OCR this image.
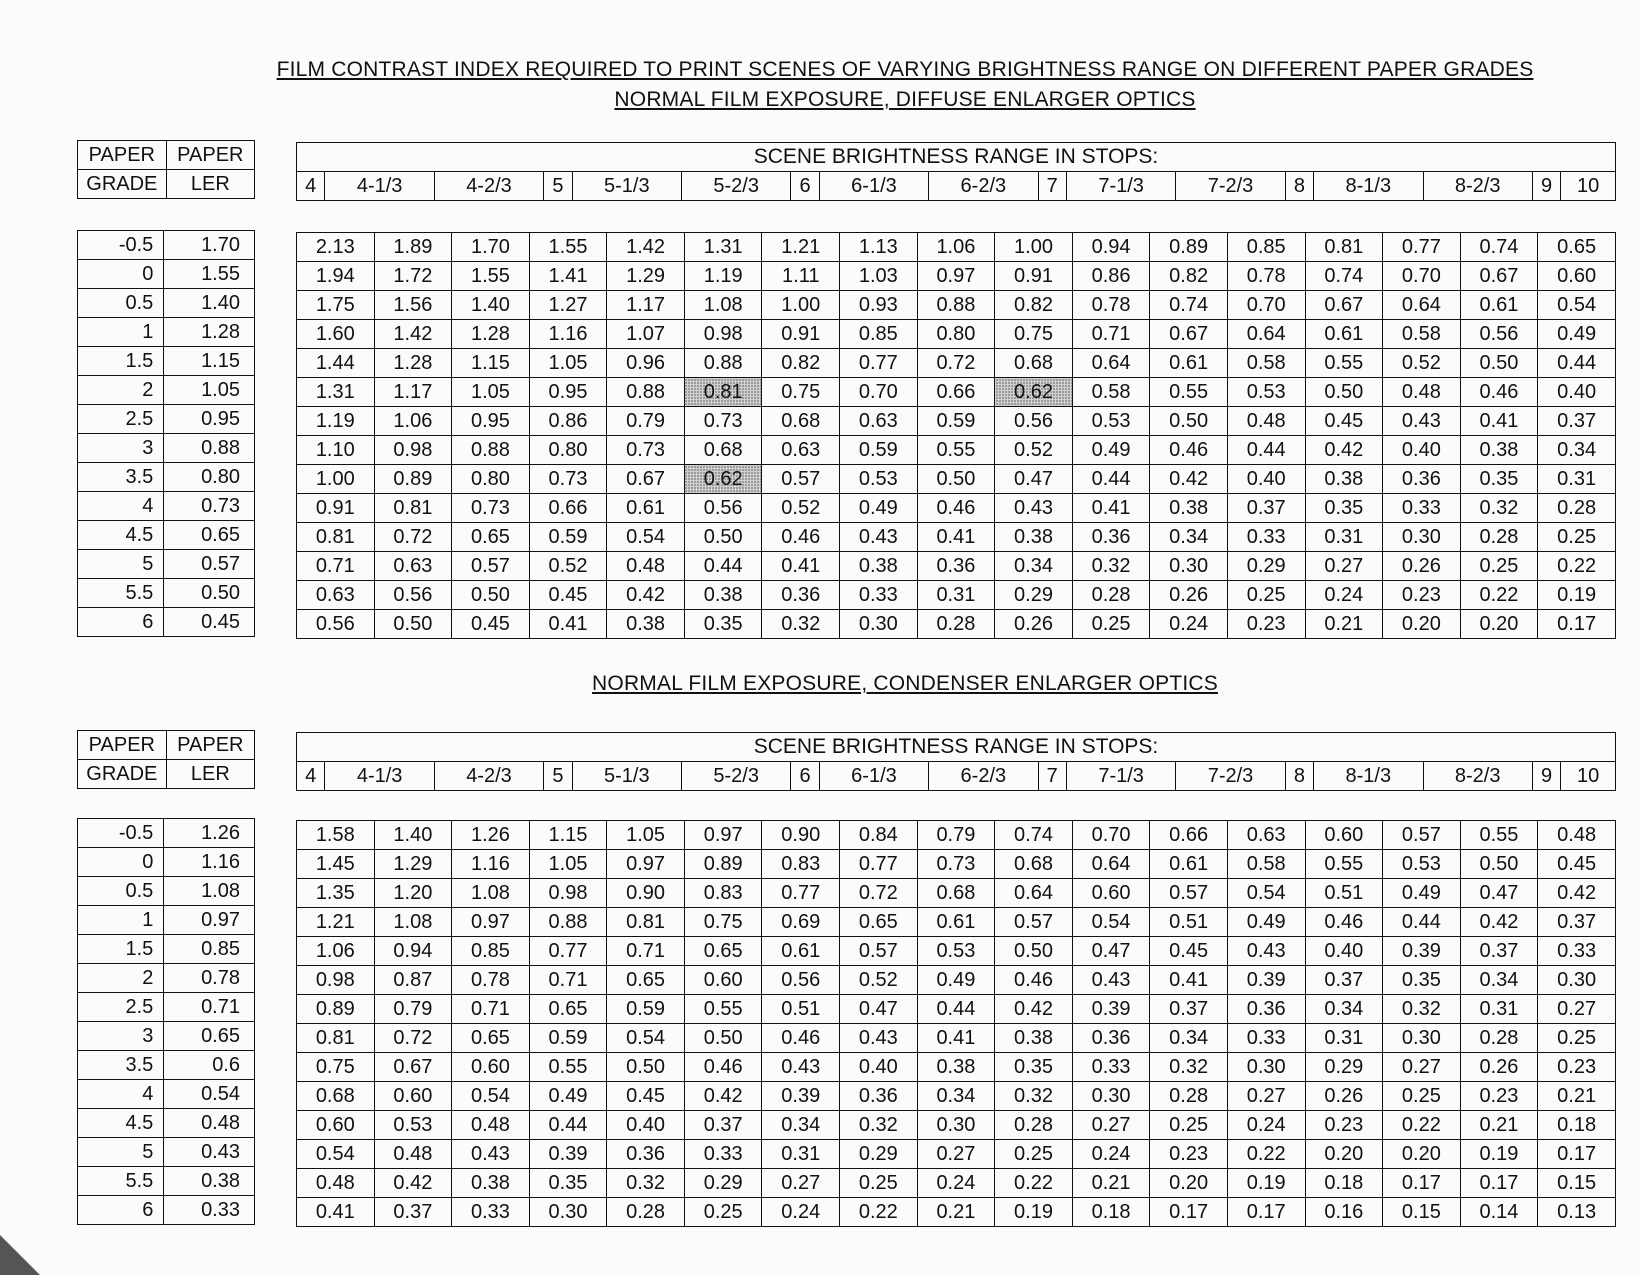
FILM CONTRAST INDEX REQUIRED TO PRINT SCENES OF VARYING BRIGHTNESS RANGE ON DIFFERENT PAPER GRADES
NORMAL FILM EXPOSURE, DIFFUSE ENLARGER OPTICS
NORMAL FILM EXPOSURE, CONDENSER ENLARGER OPTICS
PAPER	PAPER
GRADE	LER
SCENE BRIGHTNESS RANGE IN STOPS:
4	4-1/3	4-2/3	5	5-1/3	5-2/3	6	6-1/3	6-2/3	7	7-1/3	7-2/3	8	8-1/3	8-2/3	9	10
-0.5	1.70
0	1.55
0.5	1.40
1	1.28
1.5	1.15
2	1.05
2.5	0.95
3	0.88
3.5	0.80
4	0.73
4.5	0.65
5	0.57
5.5	0.50
6	0.45
2.13	1.89	1.70	1.55	1.42	1.31	1.21	1.13	1.06	1.00	0.94	0.89	0.85	0.81	0.77	0.74	0.65
1.94	1.72	1.55	1.41	1.29	1.19	1.11	1.03	0.97	0.91	0.86	0.82	0.78	0.74	0.70	0.67	0.60
1.75	1.56	1.40	1.27	1.17	1.08	1.00	0.93	0.88	0.82	0.78	0.74	0.70	0.67	0.64	0.61	0.54
1.60	1.42	1.28	1.16	1.07	0.98	0.91	0.85	0.80	0.75	0.71	0.67	0.64	0.61	0.58	0.56	0.49
1.44	1.28	1.15	1.05	0.96	0.88	0.82	0.77	0.72	0.68	0.64	0.61	0.58	0.55	0.52	0.50	0.44
1.31	1.17	1.05	0.95	0.88	0.81	0.75	0.70	0.66	0.62	0.58	0.55	0.53	0.50	0.48	0.46	0.40
1.19	1.06	0.95	0.86	0.79	0.73	0.68	0.63	0.59	0.56	0.53	0.50	0.48	0.45	0.43	0.41	0.37
1.10	0.98	0.88	0.80	0.73	0.68	0.63	0.59	0.55	0.52	0.49	0.46	0.44	0.42	0.40	0.38	0.34
1.00	0.89	0.80	0.73	0.67	0.62	0.57	0.53	0.50	0.47	0.44	0.42	0.40	0.38	0.36	0.35	0.31
0.91	0.81	0.73	0.66	0.61	0.56	0.52	0.49	0.46	0.43	0.41	0.38	0.37	0.35	0.33	0.32	0.28
0.81	0.72	0.65	0.59	0.54	0.50	0.46	0.43	0.41	0.38	0.36	0.34	0.33	0.31	0.30	0.28	0.25
0.71	0.63	0.57	0.52	0.48	0.44	0.41	0.38	0.36	0.34	0.32	0.30	0.29	0.27	0.26	0.25	0.22
0.63	0.56	0.50	0.45	0.42	0.38	0.36	0.33	0.31	0.29	0.28	0.26	0.25	0.24	0.23	0.22	0.19
0.56	0.50	0.45	0.41	0.38	0.35	0.32	0.30	0.28	0.26	0.25	0.24	0.23	0.21	0.20	0.20	0.17
PAPER	PAPER
GRADE	LER
SCENE BRIGHTNESS RANGE IN STOPS:
4	4-1/3	4-2/3	5	5-1/3	5-2/3	6	6-1/3	6-2/3	7	7-1/3	7-2/3	8	8-1/3	8-2/3	9	10
-0.5	1.26
0	1.16
0.5	1.08
1	0.97
1.5	0.85
2	0.78
2.5	0.71
3	0.65
3.5	0.6
4	0.54
4.5	0.48
5	0.43
5.5	0.38
6	0.33
1.58	1.40	1.26	1.15	1.05	0.97	0.90	0.84	0.79	0.74	0.70	0.66	0.63	0.60	0.57	0.55	0.48
1.45	1.29	1.16	1.05	0.97	0.89	0.83	0.77	0.73	0.68	0.64	0.61	0.58	0.55	0.53	0.50	0.45
1.35	1.20	1.08	0.98	0.90	0.83	0.77	0.72	0.68	0.64	0.60	0.57	0.54	0.51	0.49	0.47	0.42
1.21	1.08	0.97	0.88	0.81	0.75	0.69	0.65	0.61	0.57	0.54	0.51	0.49	0.46	0.44	0.42	0.37
1.06	0.94	0.85	0.77	0.71	0.65	0.61	0.57	0.53	0.50	0.47	0.45	0.43	0.40	0.39	0.37	0.33
0.98	0.87	0.78	0.71	0.65	0.60	0.56	0.52	0.49	0.46	0.43	0.41	0.39	0.37	0.35	0.34	0.30
0.89	0.79	0.71	0.65	0.59	0.55	0.51	0.47	0.44	0.42	0.39	0.37	0.36	0.34	0.32	0.31	0.27
0.81	0.72	0.65	0.59	0.54	0.50	0.46	0.43	0.41	0.38	0.36	0.34	0.33	0.31	0.30	0.28	0.25
0.75	0.67	0.60	0.55	0.50	0.46	0.43	0.40	0.38	0.35	0.33	0.32	0.30	0.29	0.27	0.26	0.23
0.68	0.60	0.54	0.49	0.45	0.42	0.39	0.36	0.34	0.32	0.30	0.28	0.27	0.26	0.25	0.23	0.21
0.60	0.53	0.48	0.44	0.40	0.37	0.34	0.32	0.30	0.28	0.27	0.25	0.24	0.23	0.22	0.21	0.18
0.54	0.48	0.43	0.39	0.36	0.33	0.31	0.29	0.27	0.25	0.24	0.23	0.22	0.20	0.20	0.19	0.17
0.48	0.42	0.38	0.35	0.32	0.29	0.27	0.25	0.24	0.22	0.21	0.20	0.19	0.18	0.17	0.17	0.15
0.41	0.37	0.33	0.30	0.28	0.25	0.24	0.22	0.21	0.19	0.18	0.17	0.17	0.16	0.15	0.14	0.13
